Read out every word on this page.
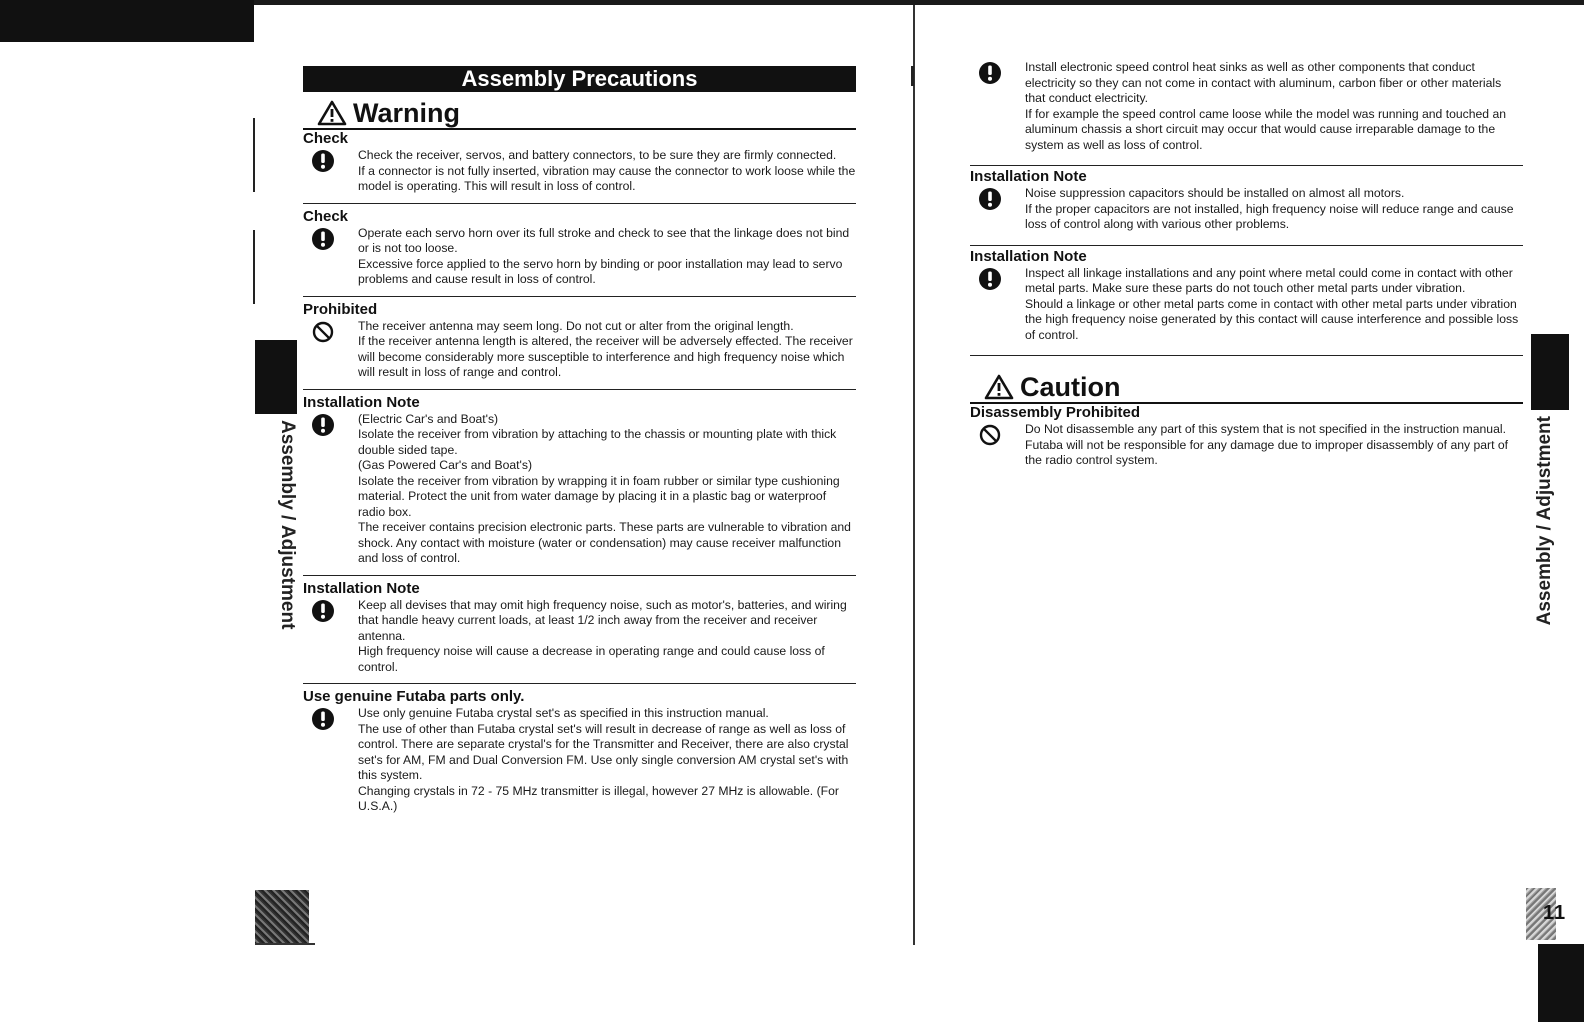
Assembly / Adjustment	Assembly / Adjustment
11
Assembly Precautions
Warning
Check

Check the receiver, servos, and battery connectors, to be sure they are firmly connected.

If a connector is not fully inserted, vibration may cause the connector to work loose while the model is operating. This will result in loss of control.

Check

Operate each servo horn over its full stroke and check to see that the linkage does not bind or is not too loose.

Excessive force applied to the servo horn by binding or poor installation may lead to servo problems and cause result in loss of control.

Prohibited

The receiver antenna may seem long. Do not cut or alter from the original length.

If the receiver antenna length is altered, the receiver will be adversely effected. The receiver will become considerably more susceptible to interference and high frequency noise which will result in loss of range and control.

Installation Note

(Electric Car's and Boat's)

Isolate the receiver from vibration by attaching to the chassis or mounting plate with thick double sided tape.

(Gas Powered Car's and Boat's)

Isolate the receiver from vibration by wrapping it in foam rubber or similar type cushioning material. Protect the unit from water damage by placing it in a plastic bag or waterproof radio box.

The receiver contains precision electronic parts. These parts are vulnerable to vibration and shock. Any contact with moisture (water or condensation) may cause receiver malfunction and loss of control.

Installation Note

Keep all devises that may omit high frequency noise, such as motor's, batteries, and wiring that handle heavy current loads, at least 1/2 inch away from the receiver and receiver antenna.

High frequency noise will cause a decrease in operating range and could cause loss of control.

Use genuine Futaba parts only.

Use only genuine Futaba crystal set's as specified in this instruction manual.

The use of other than Futaba crystal set's will result in decrease of range as well as loss of control. There are separate crystal's for the Transmitter and Receiver, there are also crystal set's for AM, FM and Dual Conversion FM. Use only single conversion AM crystal set's with this system.

Changing crystals in 72 - 75 MHz transmitter is illegal, however 27 MHz is allowable. (For U.S.A.)

Install electronic speed control heat sinks as well as other components that conduct electricity so they can not come in contact with aluminum, carbon fiber or other materials that conduct electricity.

If for example the speed control came loose while the model was running and touched an aluminum chassis a short circuit may occur that would cause irreparable damage to the system as well as loss of control.

Installation Note

Noise suppression capacitors should be installed on almost all motors.

If the proper capacitors are not installed, high frequency noise will reduce range and cause loss of control along with various other problems.

Installation Note

Inspect all linkage installations and any point where metal could come in contact with other metal parts. Make sure these parts do not touch other metal parts under vibration.

Should a linkage or other metal parts come in contact with other metal parts under vibration the high frequency noise generated by this contact will cause interference and possible loss of control.

Caution
Disassembly Prohibited

Do Not disassemble any part of this system that is not specified in the instruction manual.

Futaba will not be responsible for any damage due to improper disassembly of any part of the radio control system.
